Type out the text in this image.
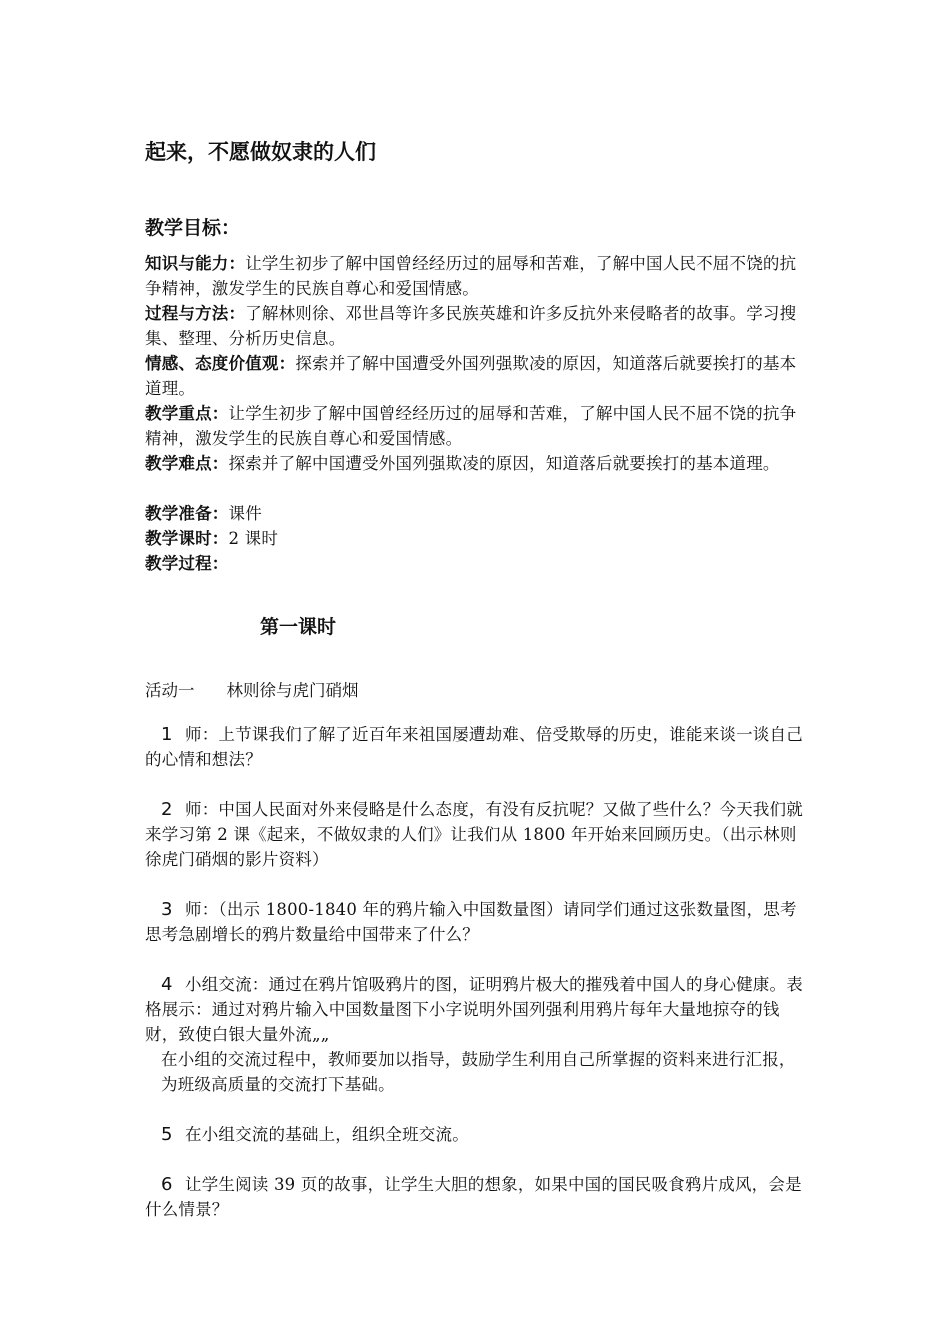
起来，不愿做奴隶的人们
教学目标：
知识与能力：让学生初步了解中国曾经经历过的屈辱和苦难，了解中国人民不屈不饶的抗争精神，激发学生的民族自尊心和爱国情感。
过程与方法：了解林则徐、邓世昌等许多民族英雄和许多反抗外来侵略者的故事。学习搜集、整理、分析历史信息。
情感、态度价值观：探索并了解中国遭受外国列强欺凌的原因，知道落后就要挨打的基本道理。
教学重点：让学生初步了解中国曾经经历过的屈辱和苦难，了解中国人民不屈不饶的抗争精神，激发学生的民族自尊心和爱国情感。
教学难点：探索并了解中国遭受外国列强欺凌的原因，知道落后就要挨打的基本道理。
教学准备：课件
教学课时：2 课时
教学过程：
第一课时
活动一 林则徐与虎门硝烟
1 师：上节课我们了解了近百年来祖国屡遭劫难、倍受欺辱的历史，谁能来谈一谈自己的心情和想法？
2 师：中国人民面对外来侵略是什么态度，有没有反抗呢？又做了些什么？今天我们就来学习第 2 课《起来，不做奴隶的人们》让我们从 1800 年开始来回顾历史。（出示林则徐虎门硝烟的影片资料）
3 师：（出示 1800-1840 年的鸦片输入中国数量图）请同学们通过这张数量图，思考思考急剧增长的鸦片数量给中国带来了什么？
4 小组交流：通过在鸦片馆吸鸦片的图，证明鸦片极大的摧残着中国人的身心健康。表格展示：通过对鸦片输入中国数量图下小字说明外国列强利用鸦片每年大量地掠夺的钱财，致使白银大量外流„„
在小组的交流过程中，教师要加以指导，鼓励学生利用自己所掌握的资料来进行汇报，为班级高质量的交流打下基础。
5 在小组交流的基础上，组织全班交流。
6 让学生阅读 39 页的故事，让学生大胆的想象，如果中国的国民吸食鸦片成风，会是什么情景？
